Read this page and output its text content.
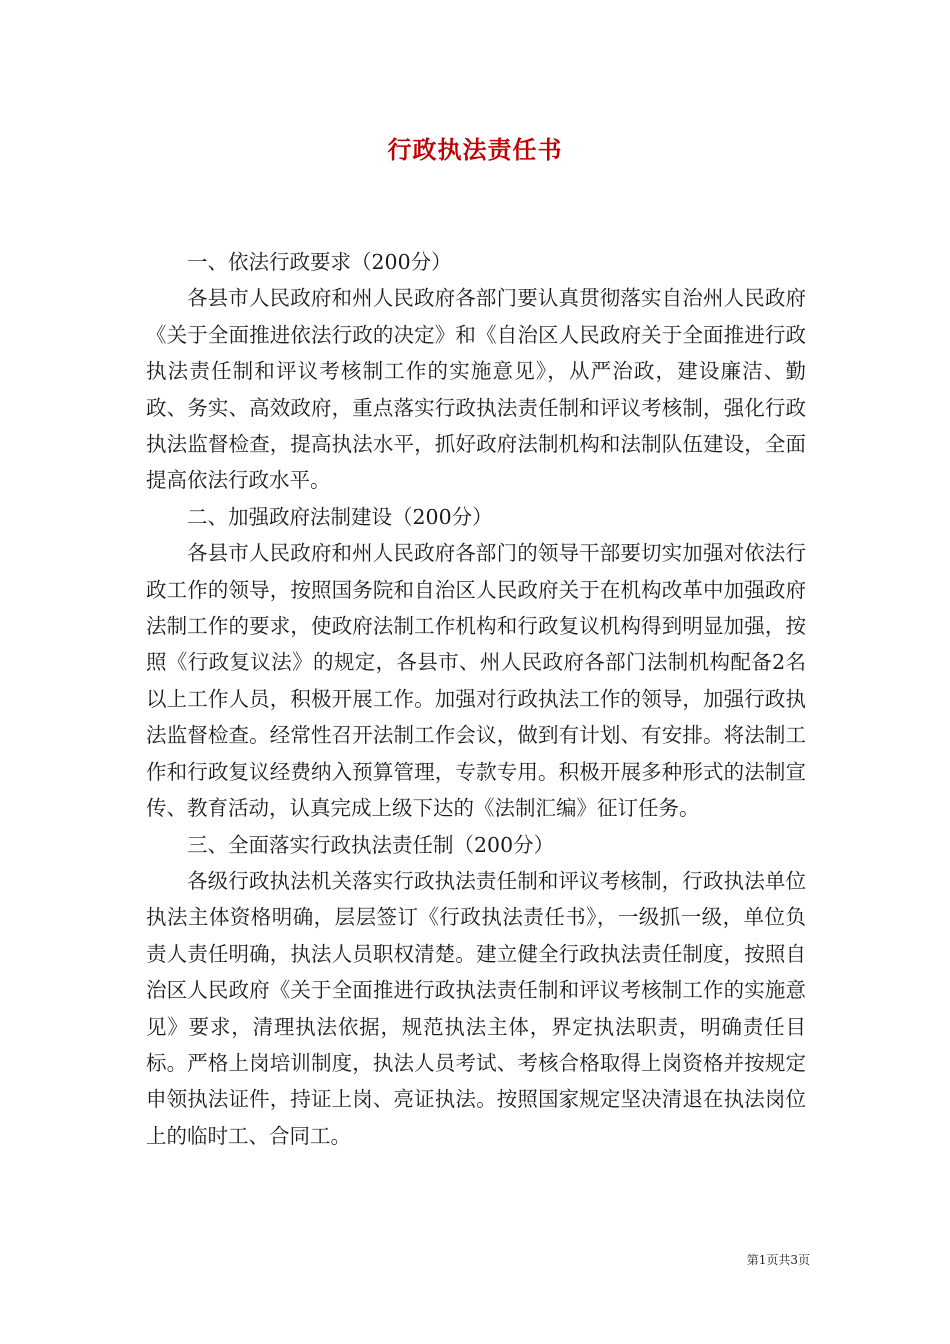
行政执法责任书

一、依法行政要求（200分）

各县市人民政府和州人民政府各部门要认真贯彻落实自治州人民政府《关于全面推进依法行政的决定》和《自治区人民政府关于全面推进行政执法责任制和评议考核制工作的实施意见》，从严治政，建设廉洁、勤政、务实、高效政府，重点落实行政执法责任制和评议考核制，强化行政执法监督检查，提高执法水平，抓好政府法制机构和法制队伍建设，全面提高依法行政水平。

二、加强政府法制建设（200分）

各县市人民政府和州人民政府各部门的领导干部要切实加强对依法行政工作的领导，按照国务院和自治区人民政府关于在机构改革中加强政府法制工作的要求，使政府法制工作机构和行政复议机构得到明显加强，按照《行政复议法》的规定，各县市、州人民政府各部门法制机构配备2名以上工作人员，积极开展工作。加强对行政执法工作的领导，加强行政执法监督检查。经常性召开法制工作会议，做到有计划、有安排。将法制工作和行政复议经费纳入预算管理，专款专用。积极开展多种形式的法制宣传、教育活动，认真完成上级下达的《法制汇编》征订任务。

三、全面落实行政执法责任制（200分）

各级行政执法机关落实行政执法责任制和评议考核制，行政执法单位执法主体资格明确，层层签订《行政执法责任书》，一级抓一级，单位负责人责任明确，执法人员职权清楚。建立健全行政执法责任制度，按照自治区人民政府《关于全面推进行政执法责任制和评议考核制工作的实施意见》要求，清理执法依据，规范执法主体，界定执法职责，明确责任目标。严格上岗培训制度，执法人员考试、考核合格取得上岗资格并按规定申领执法证件，持证上岗、亮证执法。按照国家规定坚决清退在执法岗位上的临时工、合同工。

第1页共3页
